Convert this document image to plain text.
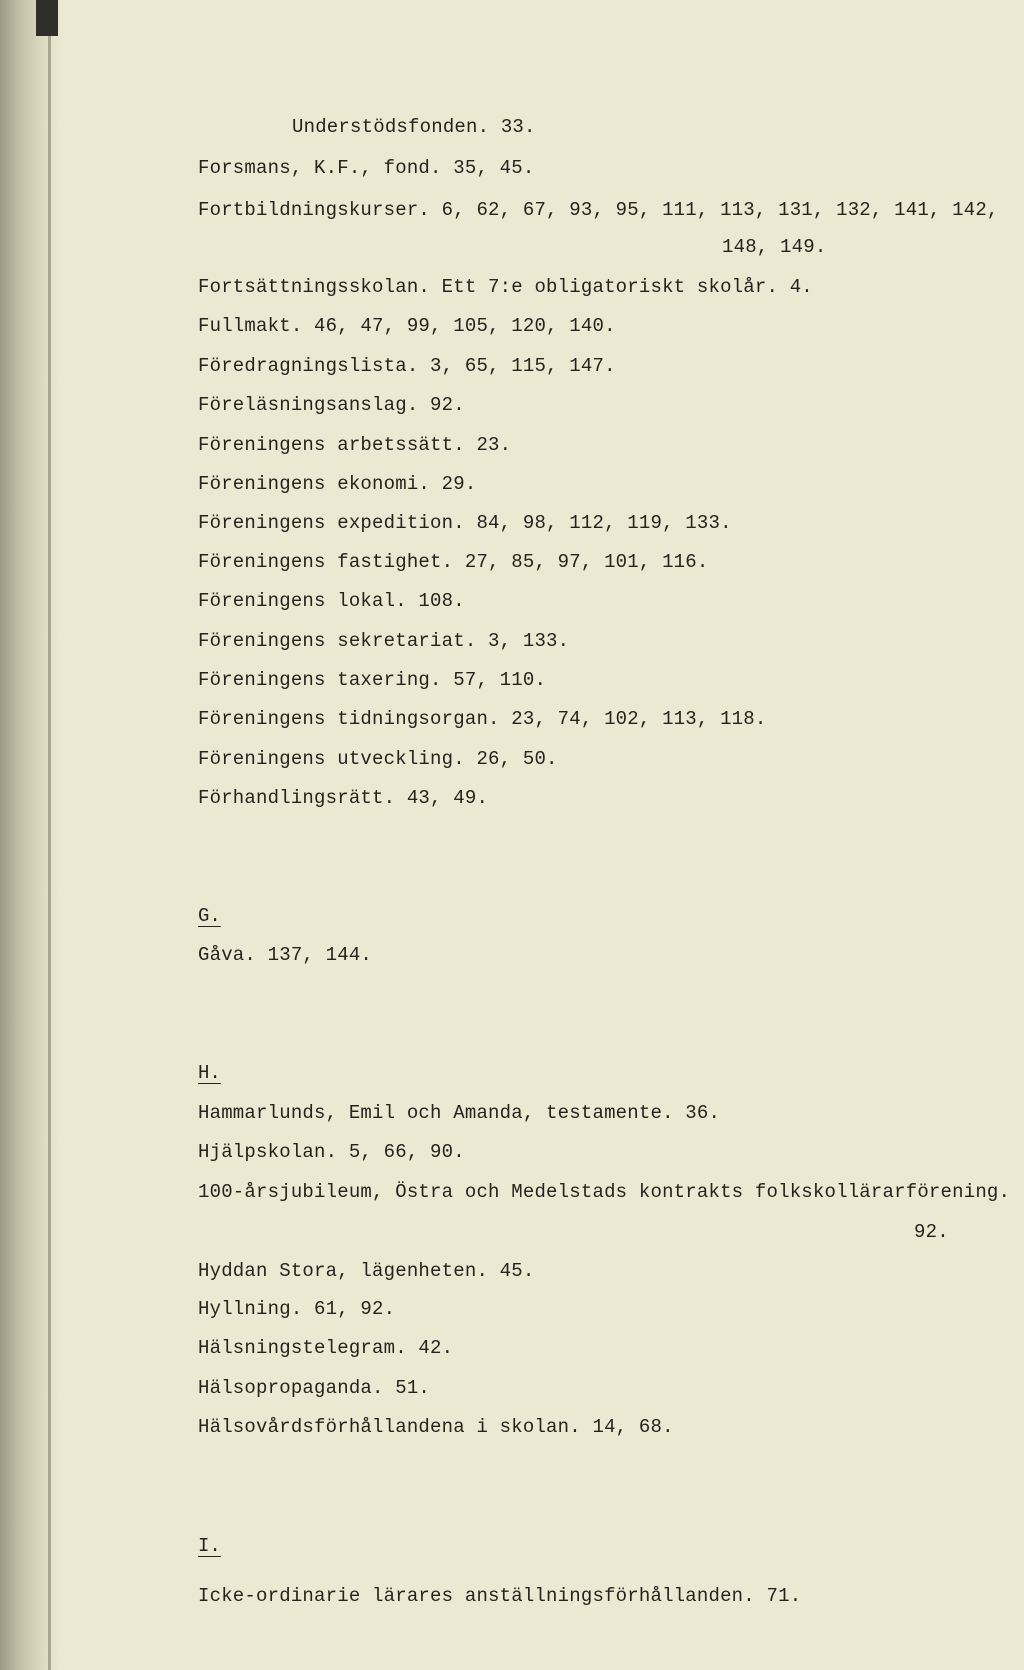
Understödsfonden. 33.
Forsmans, K.F., fond. 35, 45.
Fortbildningskurser. 6, 62, 67, 93, 95, 111, 113, 131, 132, 141, 142,
148, 149.
Fortsättningsskolan. Ett 7:e obligatoriskt skolår. 4.
Fullmakt. 46, 47, 99, 105, 120, 140.
Föredragningslista. 3, 65, 115, 147.
Föreläsningsanslag. 92.
Föreningens arbetssätt. 23.
Föreningens ekonomi. 29.
Föreningens expedition. 84, 98, 112, 119, 133.
Föreningens fastighet. 27, 85, 97, 101, 116.
Föreningens lokal. 108.
Föreningens sekretariat. 3, 133.
Föreningens taxering. 57, 110.
Föreningens tidningsorgan. 23, 74, 102, 113, 118.
Föreningens utveckling. 26, 50.
Förhandlingsrätt. 43, 49.
G.
Gåva. 137, 144.
H.
Hammarlunds, Emil och Amanda, testamente. 36.
Hjälpskolan. 5, 66, 90.
100-årsjubileum, Östra och Medelstads kontrakts folkskollärarförening.
92.
Hyddan Stora, lägenheten. 45.
Hyllning. 61, 92.
Hälsningstelegram. 42.
Hälsopropaganda. 51.
Hälsovårdsförhållandena i skolan. 14, 68.
I.
Icke-ordinarie lärares anställningsförhållanden. 71.
